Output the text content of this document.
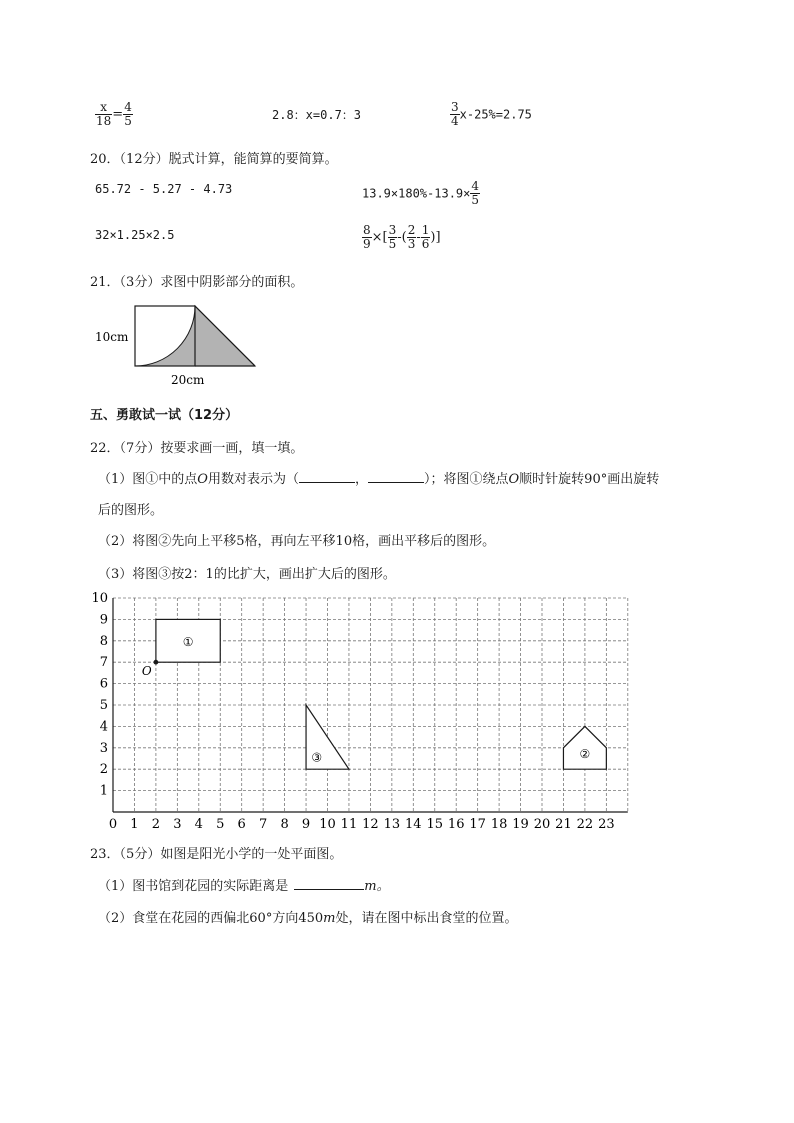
$\frac{x}{18} = \frac{4}{5}$	2.8：x=0.7：3	$\frac{3}{4} x-25\%=2.75$
20．（12分）脱式计算，能简算的要简算。
65.72 - 5.27 - 4.73	$13.9\times 180\%-13.9\times \frac{4}{5}$
32×1.25×2.5	$\frac{8}{9}$ ×[ $\frac{3}{5}$ -( $\frac{2}{3} - \frac{1}{6}$ )]
21．（3分）求图中阴影部分的面积。
10cm
20cm
五、勇敢试一试（12分）
22．（7分）按要求画一画，填一填。
（1）图①中的点O用数对表示为（	，	）；将图①绕点O顺时针旋转90°画出旋转
后的图形。
（2）将图②先向上平移5格，再向左平移10格，画出平移后的图形。
（3）将图③按2：1的比扩大，画出扩大后的图形。
0 1 2 3 4 5 6 7 8 9 10 11 12 13 14 15 16 17 18 19 20 21 22 23
1
2
3
4
5
6
7
8
9
10
O
①
②
③
23．（5分）如图是阳光小学的一处平面图。
（1）图书馆到花园的实际距离是	m。
（2）食堂在花园的西偏北60°方向450m处，请在图中标出食堂的位置。
